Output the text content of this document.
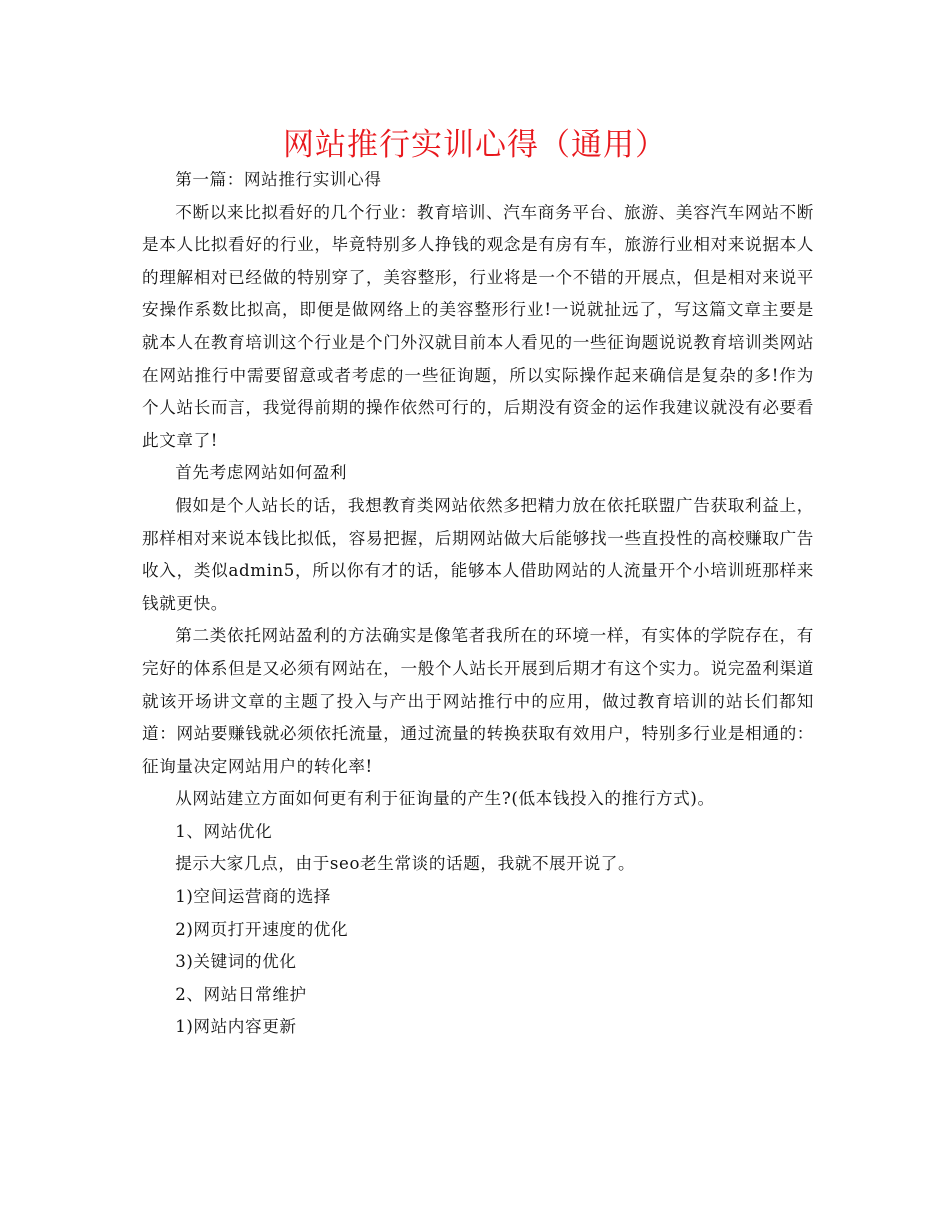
网站推行实训心得（通用）

第一篇：网站推行实训心得

不断以来比拟看好的几个行业：教育培训、汽车商务平台、旅游、美容汽车网站不断是本人比拟看好的行业，毕竟特别多人挣钱的观念是有房有车，旅游行业相对来说据本人的理解相对已经做的特别穿了，美容整形，行业将是一个不错的开展点，但是相对来说平安操作系数比拟高，即便是做网络上的美容整形行业!一说就扯远了，写这篇文章主要是就本人在教育培训这个行业是个门外汉就目前本人看见的一些征询题说说教育培训类网站在网站推行中需要留意或者考虑的一些征询题，所以实际操作起来确信是复杂的多!作为个人站长而言，我觉得前期的操作依然可行的，后期没有资金的运作我建议就没有必要看此文章了!

首先考虑网站如何盈利

假如是个人站长的话，我想教育类网站依然多把精力放在依托联盟广告获取利益上，那样相对来说本钱比拟低，容易把握，后期网站做大后能够找一些直投性的高校赚取广告收入，类似admin5，所以你有才的话，能够本人借助网站的人流量开个小培训班那样来钱就更快。

第二类依托网站盈利的方法确实是像笔者我所在的环境一样，有实体的学院存在，有完好的体系但是又必须有网站在，一般个人站长开展到后期才有这个实力。说完盈利渠道就该开场讲文章的主题了投入与产出于网站推行中的应用，做过教育培训的站长们都知道：网站要赚钱就必须依托流量，通过流量的转换获取有效用户，特别多行业是相通的：征询量决定网站用户的转化率!

从网站建立方面如何更有利于征询量的产生?(低本钱投入的推行方式)。

1、网站优化

提示大家几点，由于seo老生常谈的话题，我就不展开说了。

1)空间运营商的选择

2)网页打开速度的优化

3)关键词的优化

2、网站日常维护

1)网站内容更新
